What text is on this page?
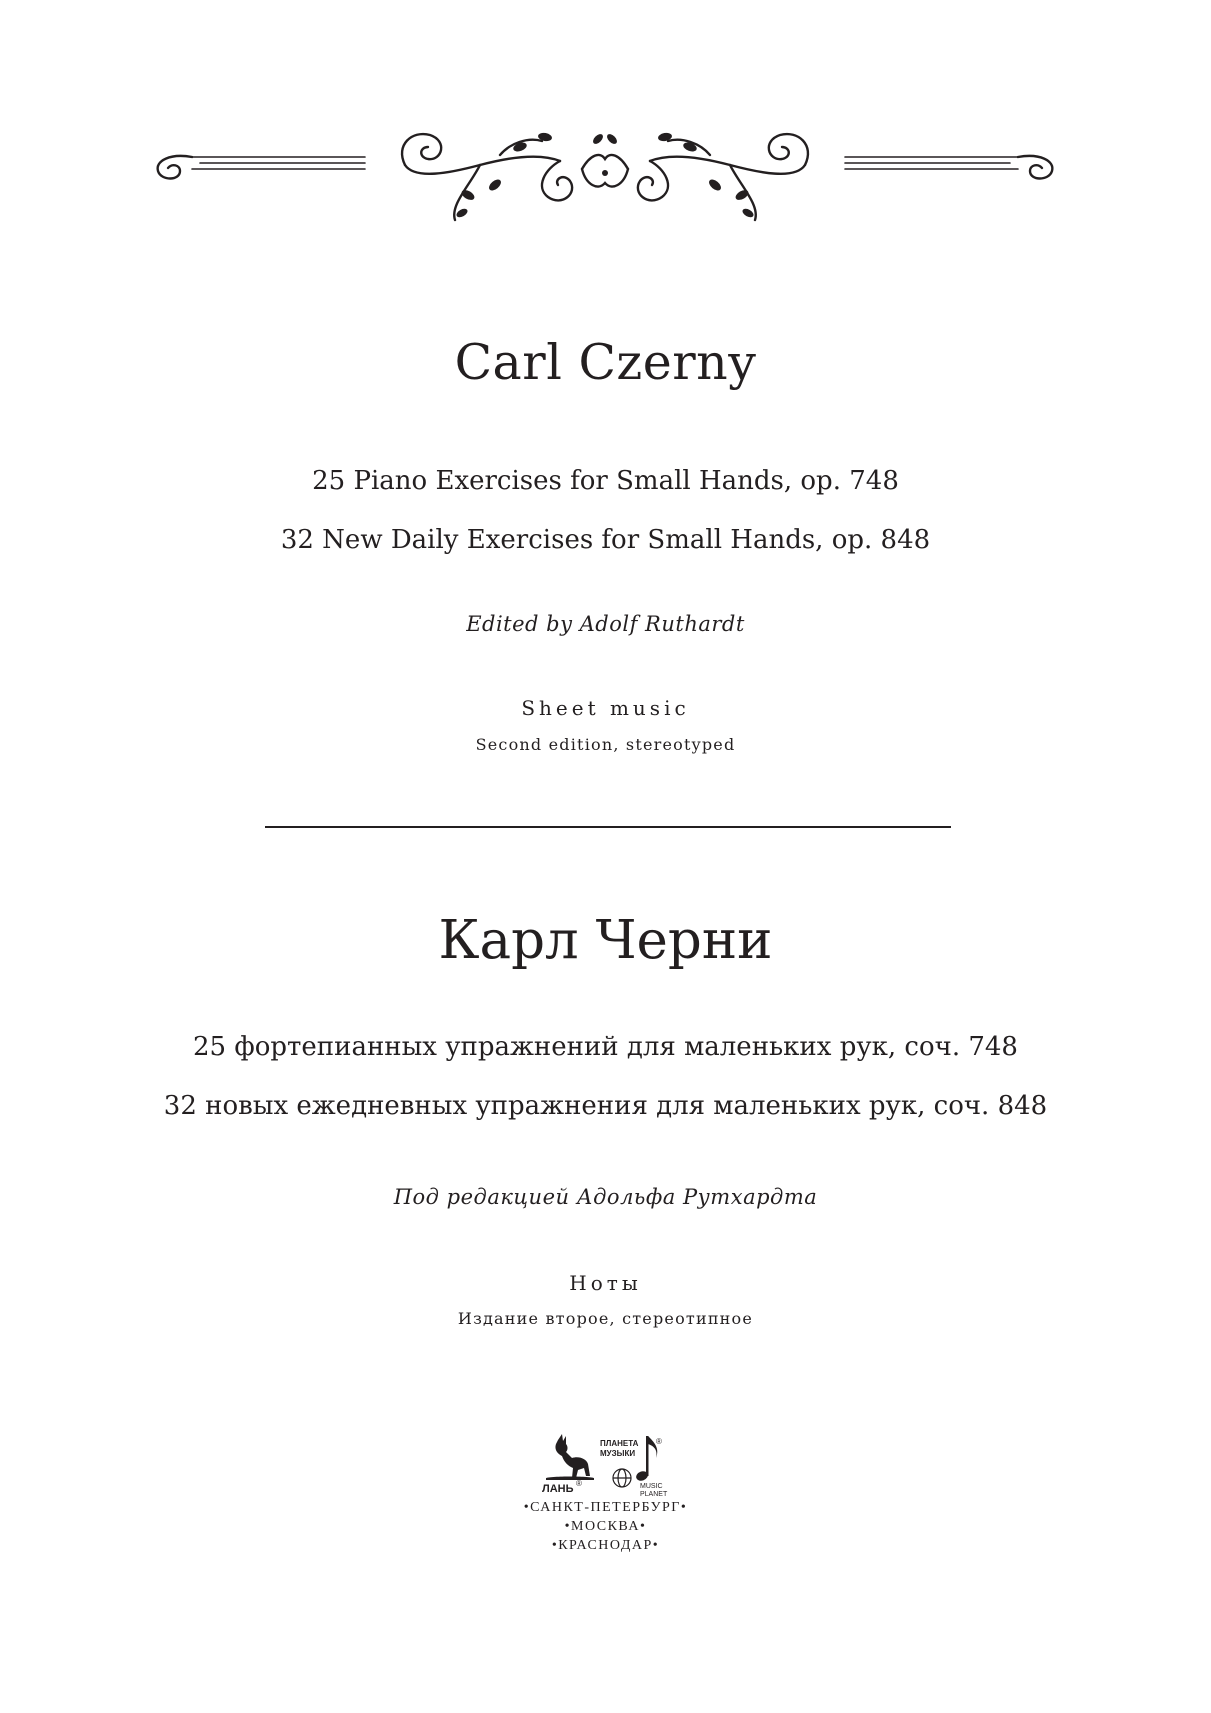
Carl Czerny
25 Piano Exercises for Small Hands, op. 748
32 New Daily Exercises for Small Hands, op. 848
Edited by Adolf Ruthardt
Sheet music
Second edition, stereotyped
Карл Черни
25 фортепианных упражнений для маленьких рук, соч. 748
32 новых ежедневных упражнения для маленьких рук, соч. 848
Под редакцией Адольфа Рутхардта
Ноты
Издание второе, стереотипное
ЛАНЬ ®
ПЛАНЕТА
МУЗЫКИ
®
MUSIC
PLANET
•САНКТ-ПЕТЕРБУРГ•
•МОСКВА•
•КРАСНОДАР•
